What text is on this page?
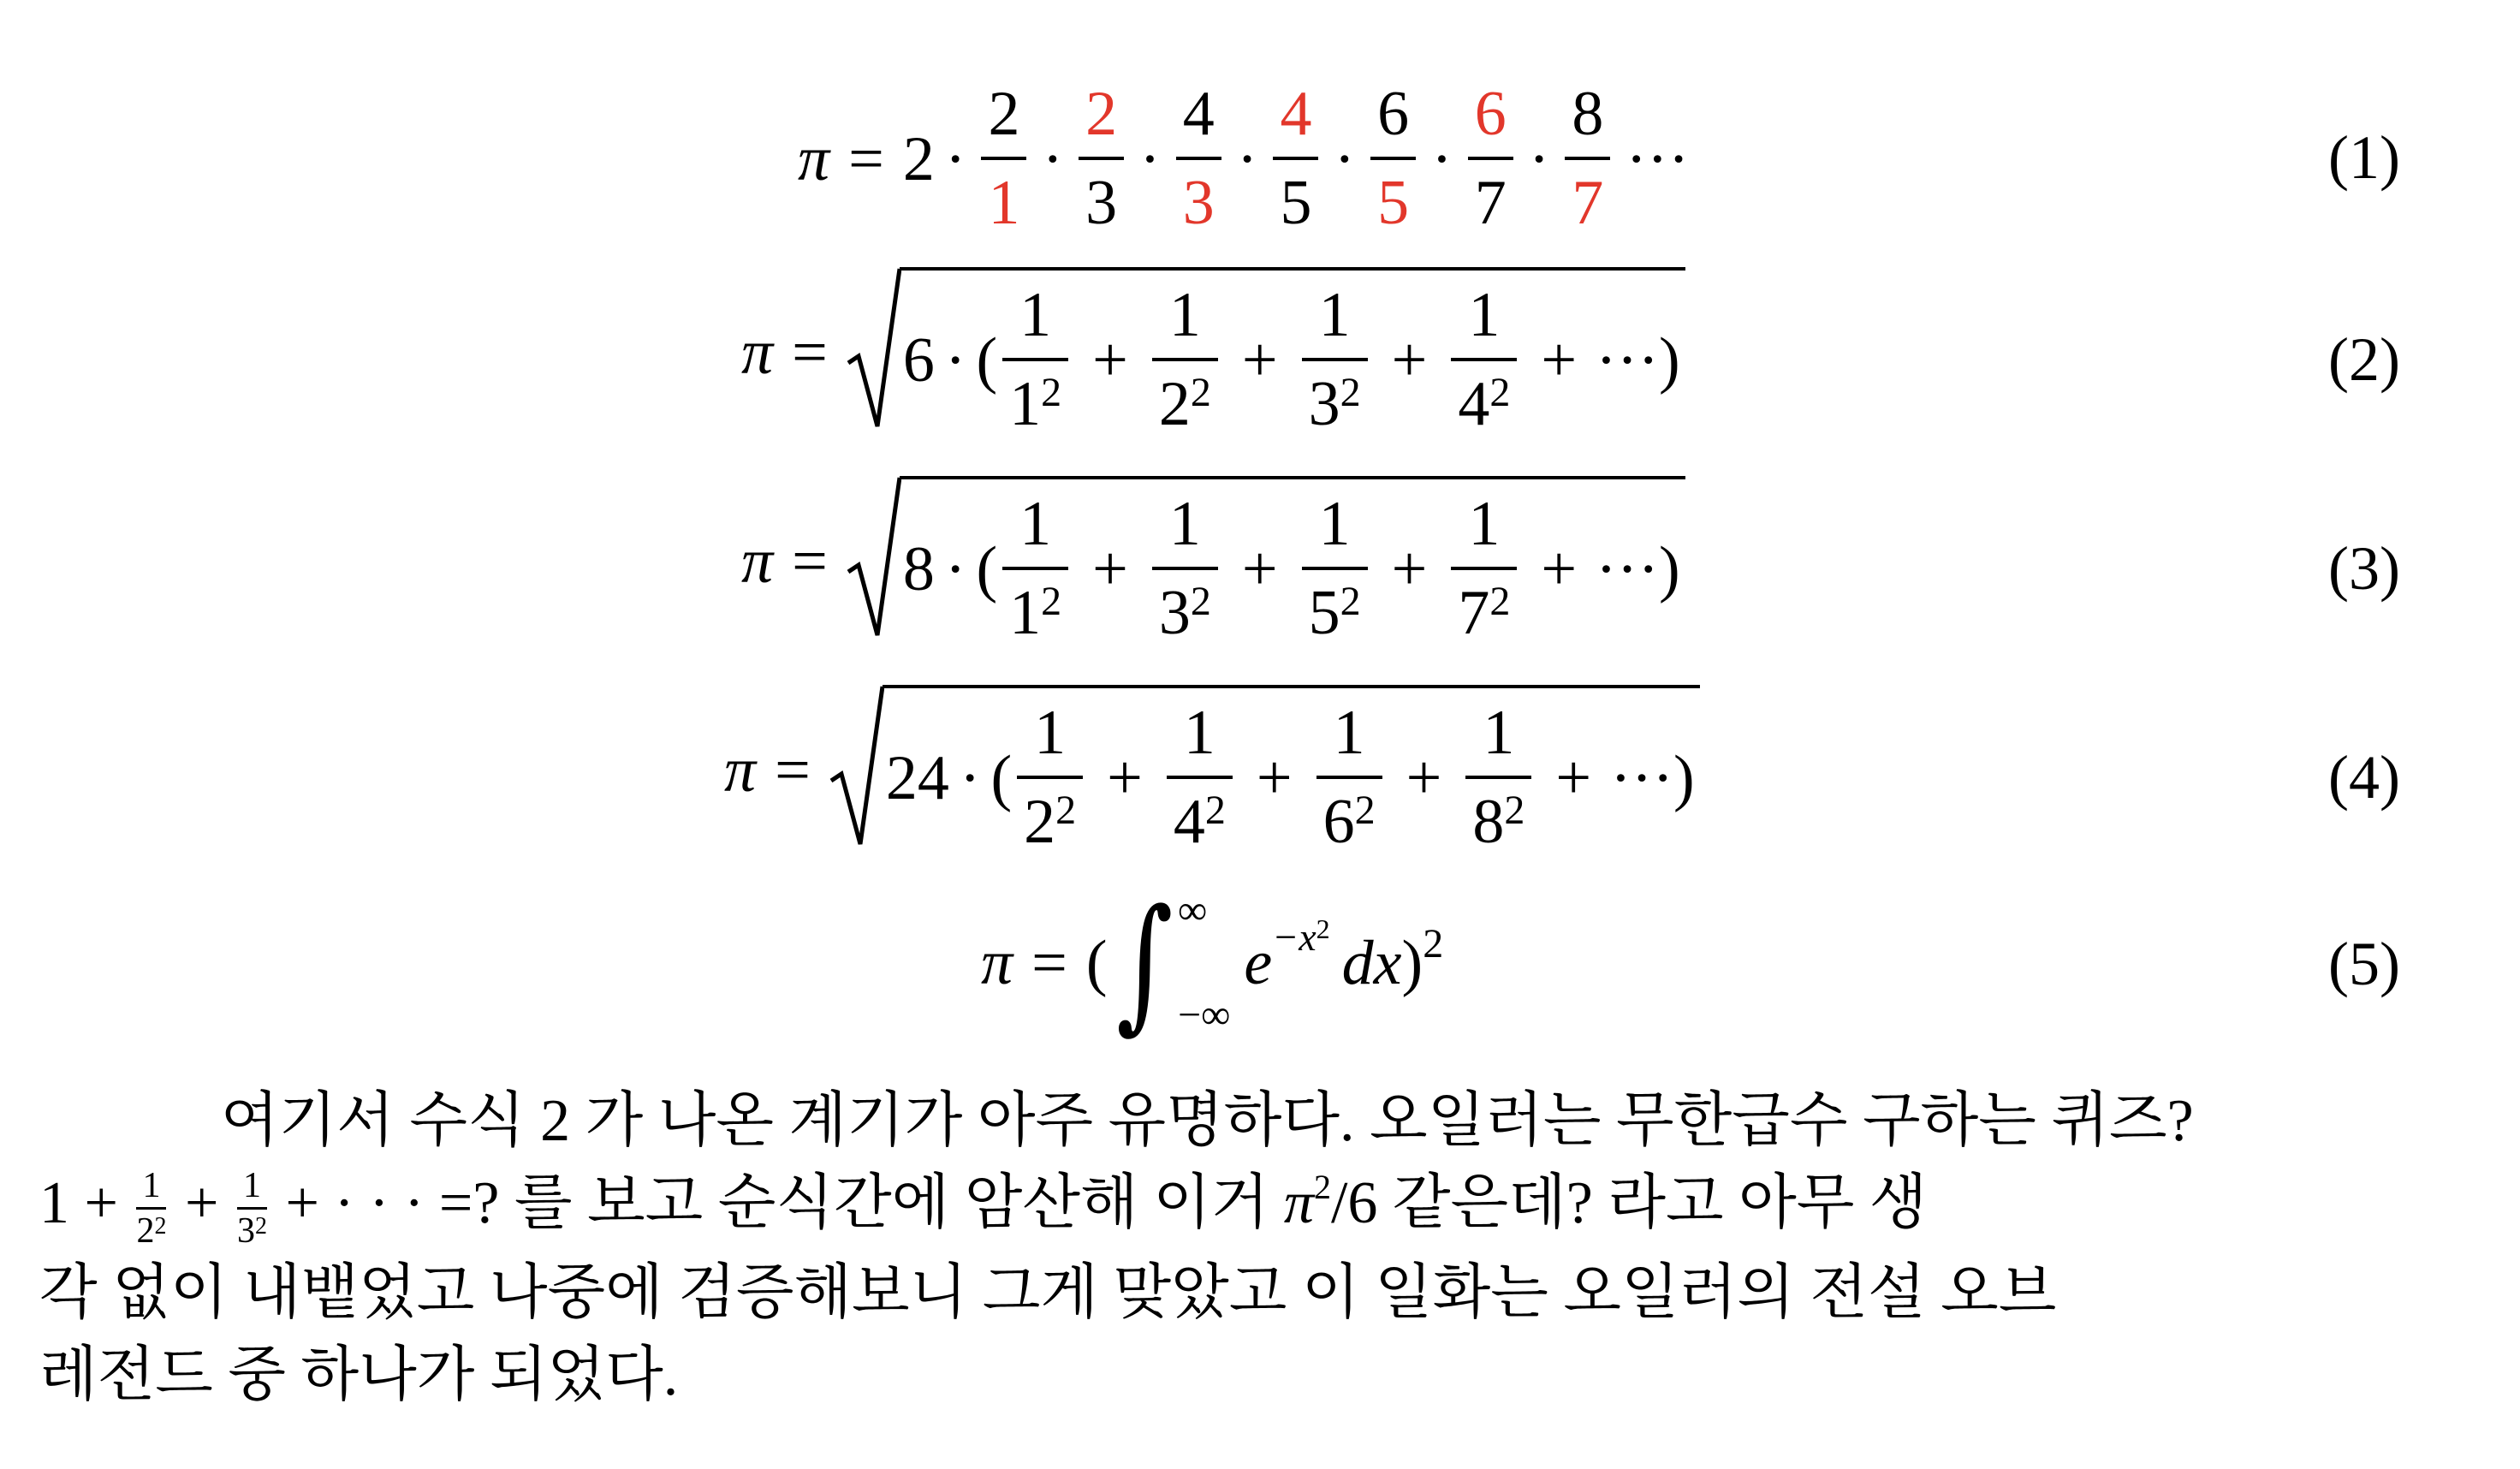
$\pi = 2 \cdot \frac{2}{1} \cdot \frac{2}{3} \cdot \frac{4}{3} \cdot \frac{4}{5} \cdot \frac{6}{5} \cdot \frac{6}{7} \cdot \frac{8}{7}$ ···	(1)
π = 6 · ( $\frac{1}{1^2} + \frac{1}{2^2} + \frac{1}{3^2} + \frac{1}{4^2}$ + ··· )	(2)
π = 8 · ( $\frac{1}{1^2} + \frac{1}{3^2} + \frac{1}{5^2} + \frac{1}{7^2}$ + ··· )	(3)
π = 24 · ( $\frac{1}{2^2} + \frac{1}{4^2} + \frac{1}{6^2} + \frac{1}{8^2}$ + ··· )	(4)
π = ( ∫ ∞
−∞
$e -x^2$ dx ) 2	(5)
여기서 수식 2 가 나온 계기가 아주 유명하다. 오일러는 무한급수 구하는 퀴즈?
$1 + \frac{1}{2^2} + \frac{1}{3^2}$ + · · · =? 를 보고 순식간에 암산해 이거 $\pi^2/6$ 같은데? 라고 아무 생
각 없이 내뱉었고 나중에 검증해보니 그게 맞았고 이 일화는 오일러의 전설 오브
레전드 중 하나가 되었다.
